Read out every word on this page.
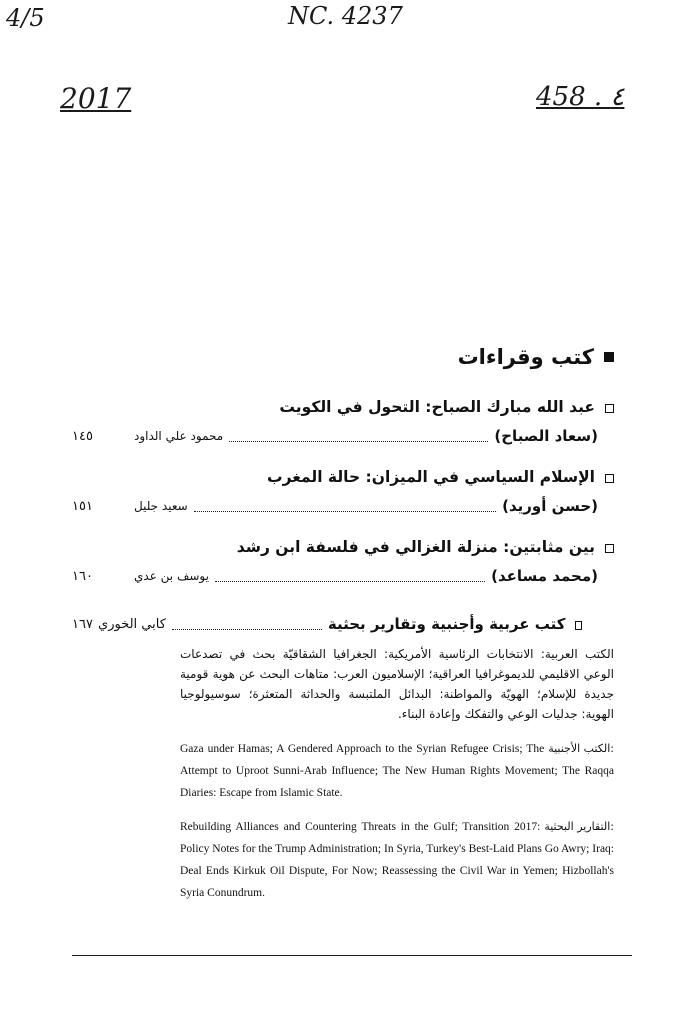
4/5	NC. 4237
2017	458 . ٤
كتب وقراءات
عبد الله مبارك الصباح: التحول في الكويت
(سعاد الصباح)
محمود علي الداود
١٤٥
الإسلام السياسي في الميزان: حالة المغرب
(حسن أوريد)
سعيد جليل
١٥١
بين مثابتين: منزلة الغزالي في فلسفة ابن رشد
(محمد مساعد)
يوسف بن عدي
١٦٠
كتب عربية وأجنبية وتقارير بحثية
كابي الخوري
١٦٧
الكتب العربية: الانتخابات الرئاسية الأمريكية: الجغرافيا الشقاقيّة بحث في تصدعات الوعي الاقليمي للديموغرافيا العراقية؛ الإسلاميون العرب: متاهات البحث عن هوية قومية جديدة للإسلام؛ الهويّة والمواطنة: البدائل الملتبسة والحداثة المتعثرة؛ سوسيولوجيا الهوية: جدليات الوعي والتفكك وإعادة البناء.
الكتب الأجنبية:
Gaza under Hamas; A Gendered Approach to the Syrian Refugee Crisis; The Attempt to Uproot Sunni-Arab Influence; The New Human Rights Movement; The Raqqa Diaries: Escape from Islamic State.
التقارير البحثية:
Rebuilding Alliances and Countering Threats in the Gulf; Transition 2017: Policy Notes for the Trump Administration; In Syria, Turkey's Best-Laid Plans Go Awry; Iraq: Deal Ends Kirkuk Oil Dispute, For Now; Reassessing the Civil War in Yemen; Hizbollah's Syria Conundrum.
